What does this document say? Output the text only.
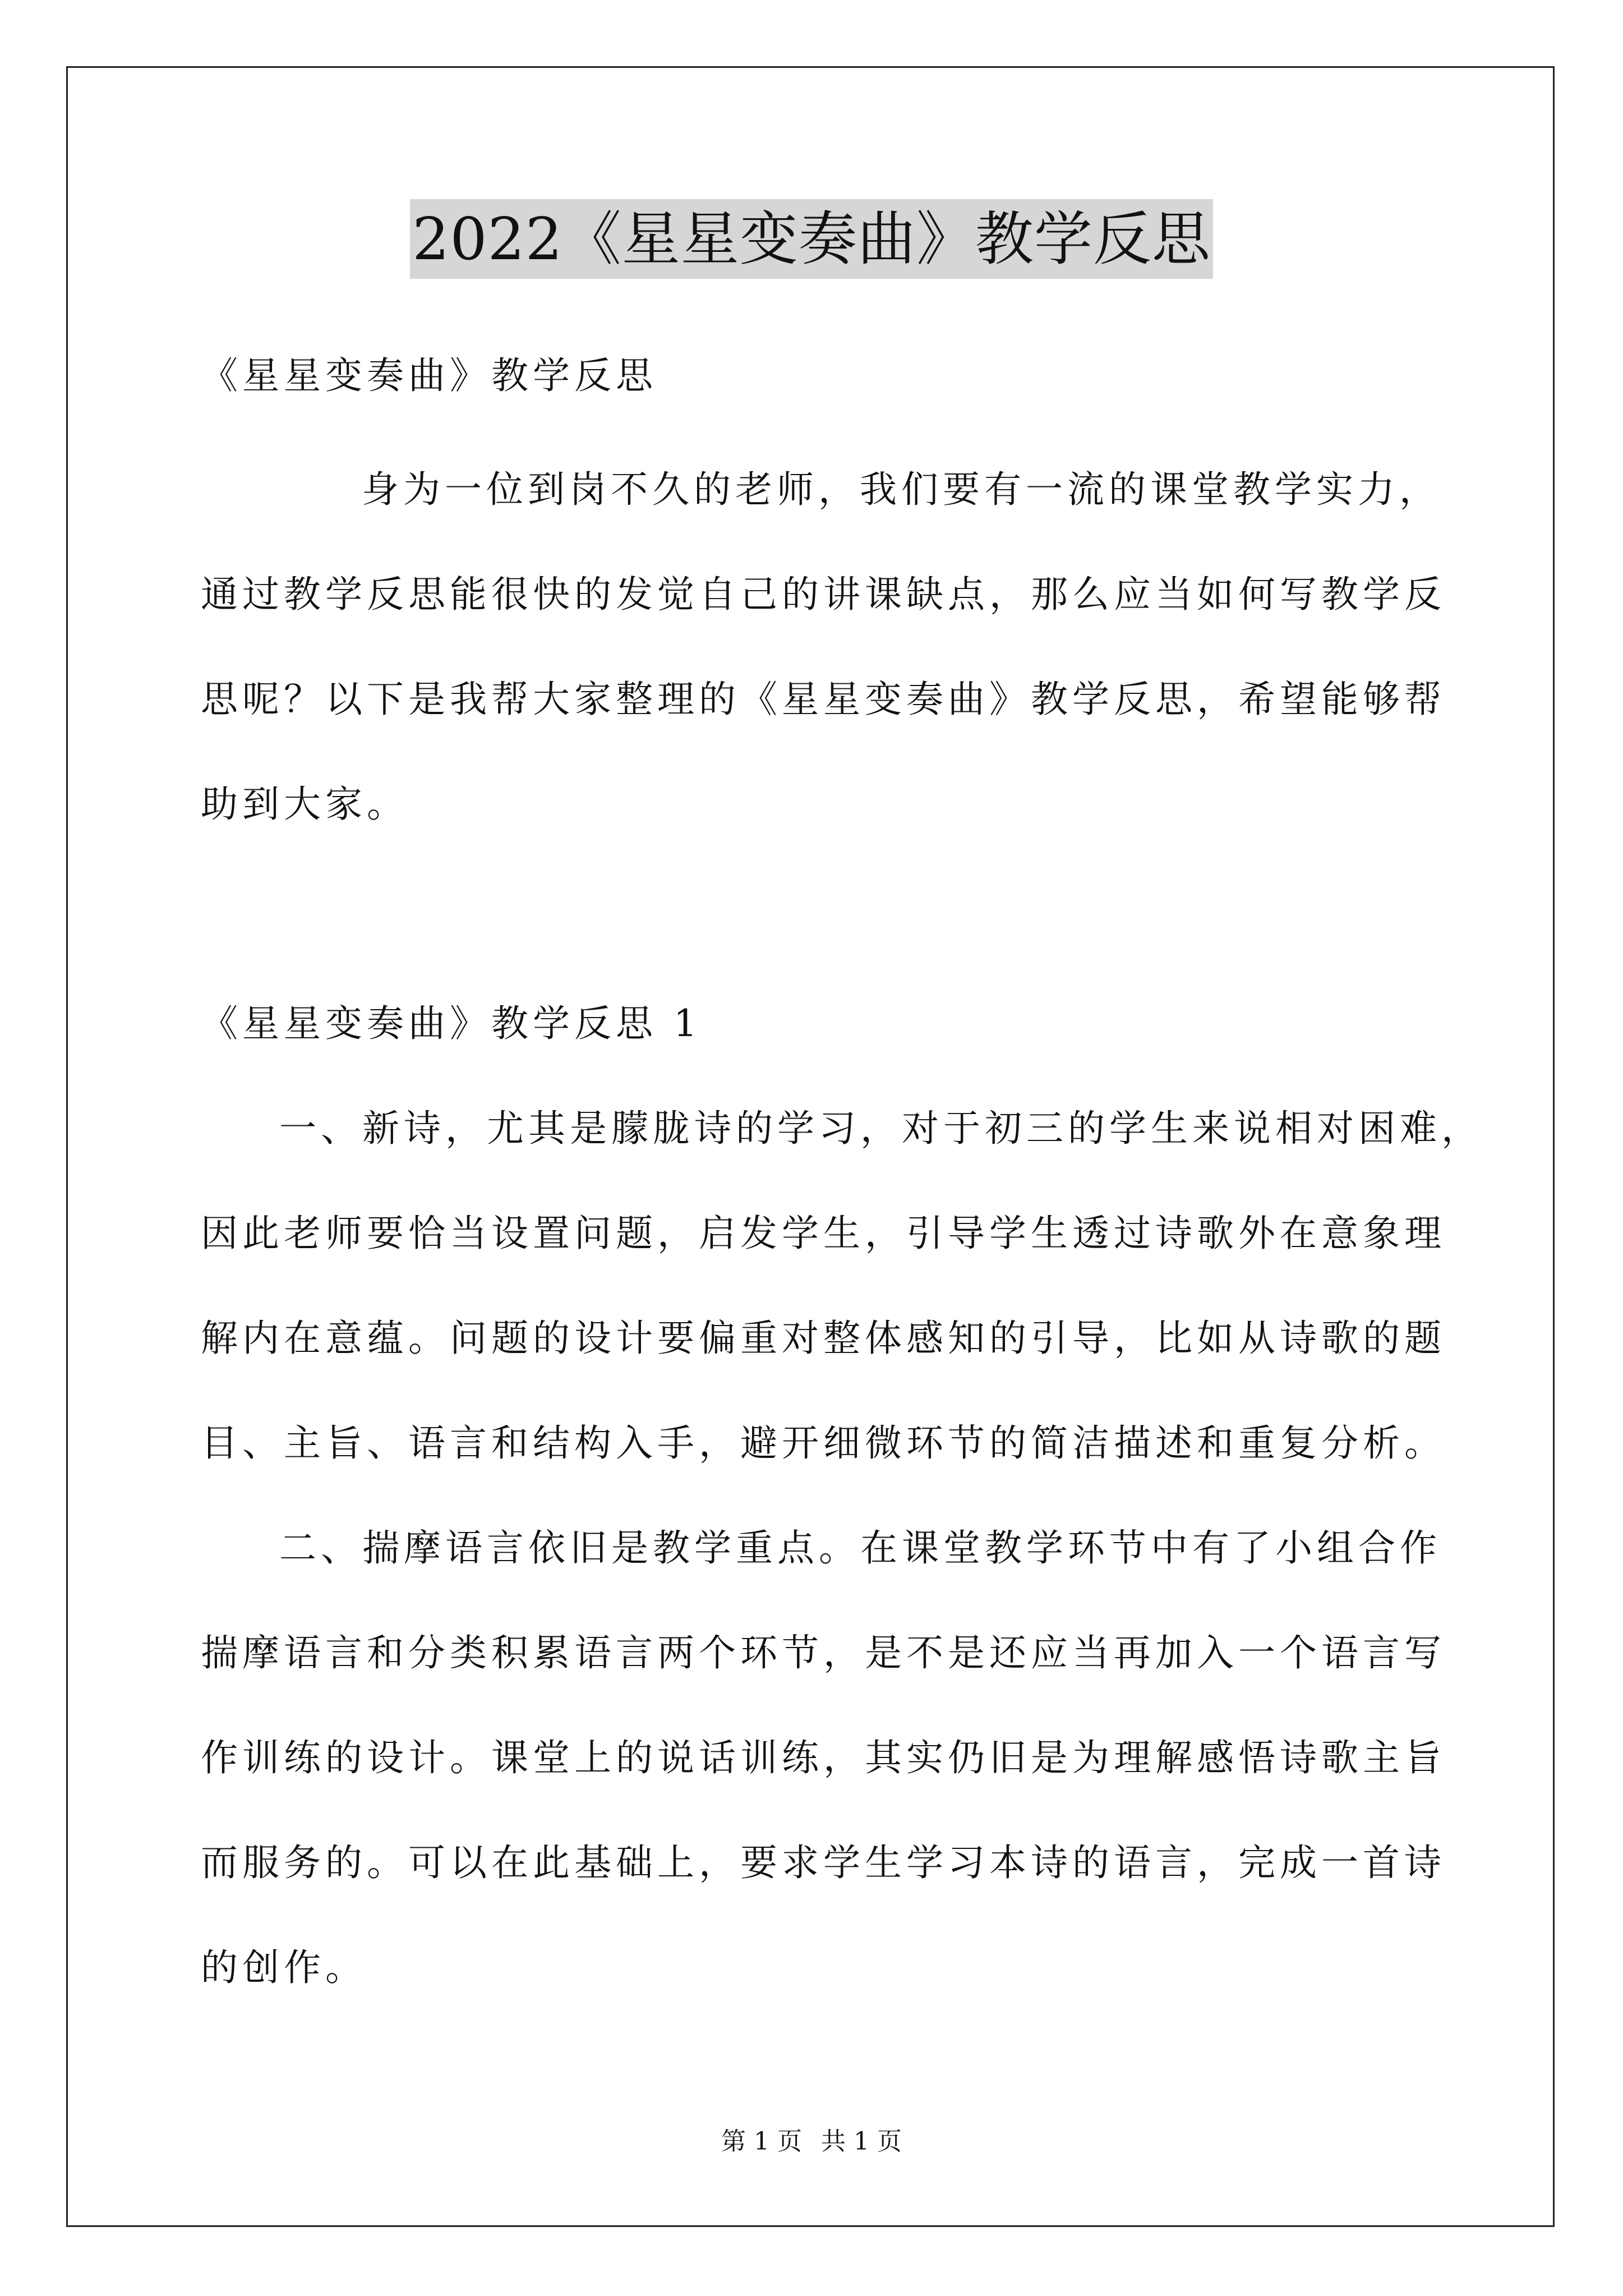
2022《星星变奏曲》教学反思
《星星变奏曲》教学反思
身为一位到岗不久的老师，我们要有一流的课堂教学实力，
通过教学反思能很快的发觉自己的讲课缺点，那么应当如何写教学反
思呢？以下是我帮大家整理的《星星变奏曲》教学反思，希望能够帮
助到大家。
《星星变奏曲》教学反思 1
一、新诗，尤其是朦胧诗的学习，对于初三的学生来说相对困难，
因此老师要恰当设置问题，启发学生，引导学生透过诗歌外在意象理
解内在意蕴。问题的设计要偏重对整体感知的引导，比如从诗歌的题
目、主旨、语言和结构入手，避开细微环节的简洁描述和重复分析。
二、揣摩语言依旧是教学重点。在课堂教学环节中有了小组合作
揣摩语言和分类积累语言两个环节，是不是还应当再加入一个语言写
作训练的设计。课堂上的说话训练，其实仍旧是为理解感悟诗歌主旨
而服务的。可以在此基础上，要求学生学习本诗的语言，完成一首诗
的创作。
第 1 页 共 1 页
